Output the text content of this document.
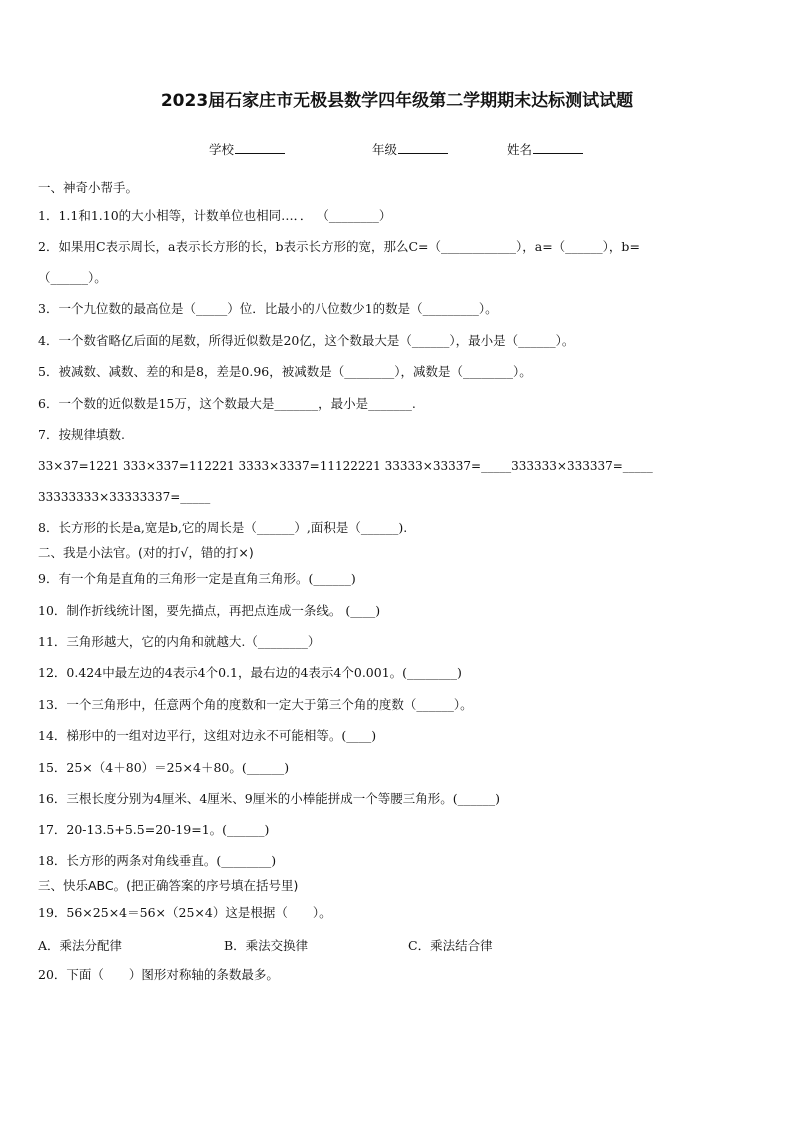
2023届石家庄市无极县数学四年级第二学期期末达标测试试题
学校	年级	姓名
一、神奇小帮手。
1．1.1和1.10的大小相等，计数单位也相同…．． （________）
2．如果用C表示周长，a表示长方形的长，b表示长方形的宽，那么C=（____________），a=（______），b=
（______）。
3．一个九位数的最高位是（_____）位．比最小的八位数少1的数是（_________）。
4．一个数省略亿后面的尾数，所得近似数是20亿，这个数最大是（______），最小是（______）。
5．被减数、减数、差的和是8，差是0.96，被减数是（________），减数是（________）。
6．一个数的近似数是15万，这个数最大是_______，最小是_______.
7．按规律填数.
33×37=1221 333×337=112221 3333×3337=11122221 33333×33337=_____333333×333337=_____
33333333×33333337=_____
8．长方形的长是a,宽是b,它的周长是（______）,面积是（______).
二、我是小法官。(对的打√，错的打×)
9．有一个角是直角的三角形一定是直角三角形。(______)
10．制作折线统计图，要先描点，再把点连成一条线。 (____)
11．三角形越大，它的内角和就越大.（________）
12．0.424中最左边的4表示4个0.1，最右边的4表示4个0.001。(________)
13．一个三角形中，任意两个角的度数和一定大于第三个角的度数（______）。
14．梯形中的一组对边平行，这组对边永不可能相等。(____)
15．25×（4＋80）＝25×4＋80。(______)
16．三根长度分别为4厘米、4厘米、9厘米的小棒能拼成一个等腰三角形。(______)
17．20-13.5+5.5=20-19=1。(______)
18．长方形的两条对角线垂直。(________)
三、快乐ABC。(把正确答案的序号填在括号里)
19．56×25×4＝56×（25×4）这是根据（　　）。
A．乘法分配律	B．乘法交换律	C．乘法结合律
20．下面（　　）图形对称轴的条数最多。
